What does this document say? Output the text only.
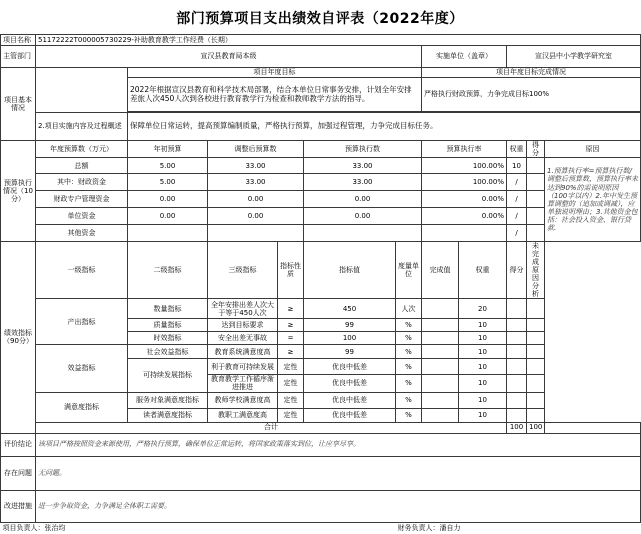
部门预算项目支出绩效自评表（2022年度）
项目名称	51172222T000005730229-补助教育教学工作经费（长期）										
主管部门	宣汉县教育局本级						实施单位（盖章）		宣汉县中小学教学研究室		
项目基本情况		项目年度目标					项目年度目标完成情况				
		2022年根据宣汉县教育和科学技术局部署，结合本单位日常事务安排，计划全年安排差旅人次450人次到各校进行教育教学行为检查和教师教学方法的指导。					严格执行财政预算，力争完成目标100%				

	2.项目实施内容及过程概述	保障单位日常运转，提高预算编制质量，严格执行预算，加强过程管理，力争完成目标任务。									
预算执行情况（10分）	年度预算数（万元）	年初预算	调整后预算数		预算执行数		预算执行率		权重	得分	原因
	总额	5.00	33.00		33.00		100.00%		10		1.预算执行率=预算执行数/调整后预算数，预算执行率未达到90%的需说明原因（100字以内）2.年中发生预算调整的（追加或调减），应单独说明理由；3.其他资金包括：社会投入资金、银行贷款.
	其中：财政资金	5.00	33.00		33.00		100.00%		/		
	财政专户管理资金	0.00	0.00		0.00		0.00%		/		
	单位资金	0.00	0.00		0.00		0.00%		/		
	其他资金								/		
绩效指标（90分）	一级指标	二级指标	三级指标	指标性质	指标值	度量单位	完成值	权重	得分	未完成原因分析	
	产出指标	数量指标	全年安排出差人次大于等于450人次	≥	450	人次		20			
		质量指标	达到目标要求	≥	99	%		10			
		时效指标	安全出差无事故	=	100	%		10			
	效益指标	社会效益指标	教育系统满意度高	≥	99	%		10			
		可持续发展指标	利于教育可持续发展	定性	优良中低差	%		10			
			教育教学工作循序渐进推进	定性	优良中低差	%		10			
	满意度指标	服务对象满意度指标	教师学校满意度高	定性	优良中低差	%		10			
		读者满意度指标	教职工满意度高	定性	优良中低差	%		10			
	合计								100	100	
评价结论	该项目严格按照资金来源使用，严格执行预算，确保单位正常运转，将国家政策落实到位，让应享尽享。										
存在问题	无问题。										
改进措施	进一步争取资金，力争满足全体职工需要。										
项目负责人：张治均						财务负责人：潘自力					
